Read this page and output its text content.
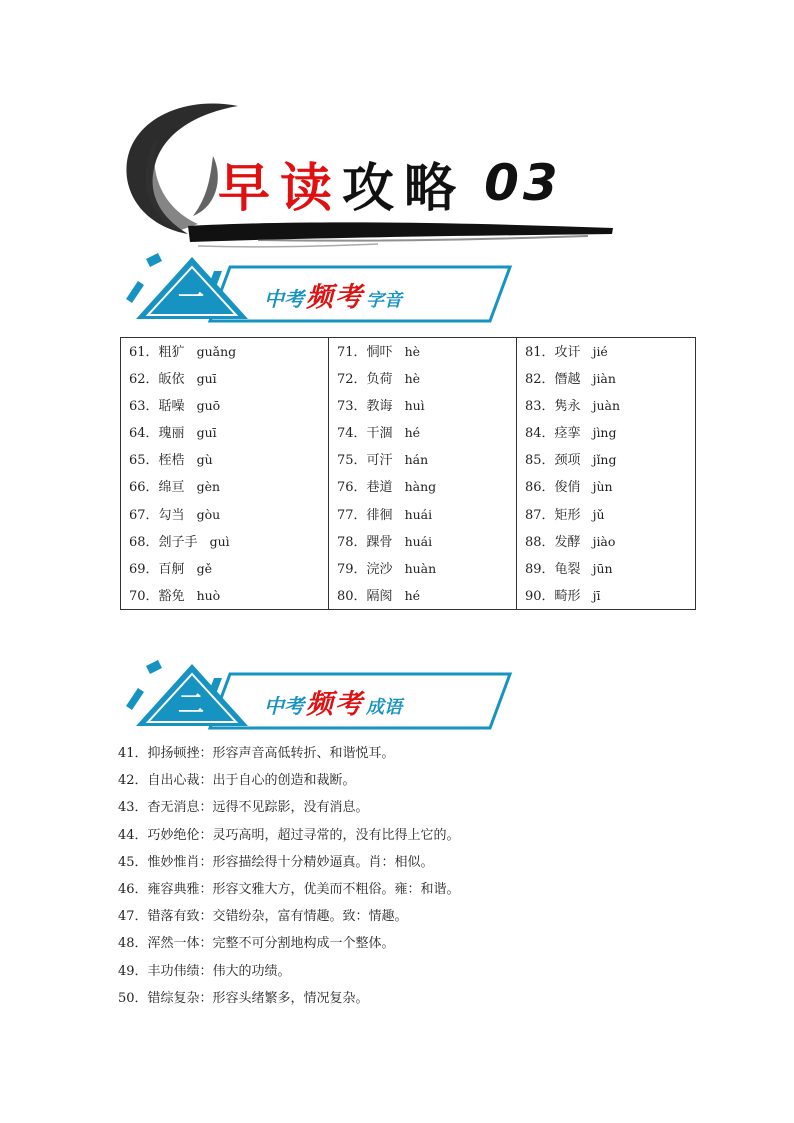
早 读 攻 略 03
一	中考 频 考 字音
61．粗犷 guǎng
62．皈依 guī
63．聒噪 guō
64．瑰丽 guī
65．桎梏 gù
66．绵亘 gèn
67．勾当 gòu
68．刽子手 guì
69．百舸 gě
70．豁免 huò
71．恫吓 hè
72．负荷 hè
73．教诲 huì
74．干涸 hé
75．可汗 hán
76．巷道 hàng
77．徘徊 huái
78．踝骨 huái
79．浣沙 huàn
80．隔阂 hé
81．攻讦 jié
82．僭越 jiàn
83．隽永 juàn
84．痉挛 jìng
85．颈项 jǐng
86．俊俏 jùn
87．矩形 jǔ
88．发酵 jiào
89．龟裂 jūn
90．畸形 jī
二	中考 频 考 成语
41．抑扬顿挫：形容声音高低转折、和谐悦耳。
42．自出心裁：出于自心的创造和裁断。
43．杳无消息：远得不见踪影，没有消息。
44．巧妙绝伦：灵巧高明，超过寻常的，没有比得上它的。
45．惟妙惟肖：形容描绘得十分精妙逼真。肖：相似。
46．雍容典雅：形容文雅大方，优美而不粗俗。雍：和谐。
47．错落有致：交错纷杂，富有情趣。致：情趣。
48．浑然一体：完整不可分割地构成一个整体。
49．丰功伟绩：伟大的功绩。
50．错综复杂：形容头绪繁多，情况复杂。
